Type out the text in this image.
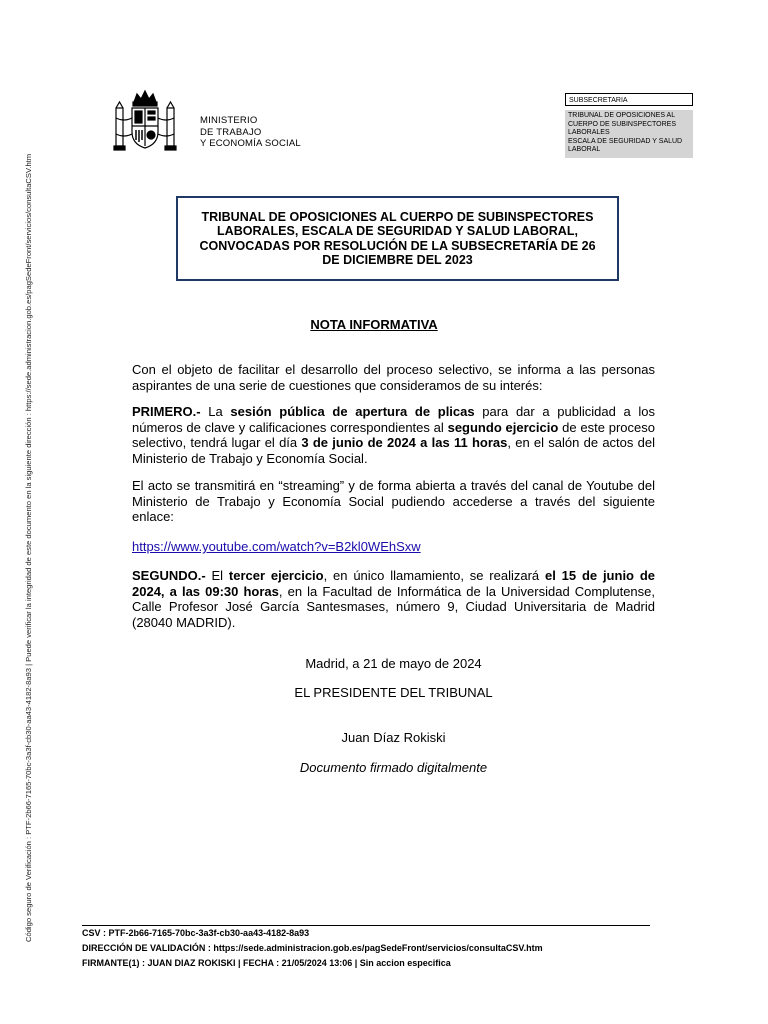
Código seguro de Verificación : PTF-2b66-7165-70bc-3a3f-cb30-aa43-4182-8a93 | Puede verificar la integridad de este documento en la siguiente dirección : https://sede.administracion.gob.es/pagSedeFront/servicios/consultaCSV.htm
MINISTERIO
DE TRABAJO
Y ECONOMÍA SOCIAL
SUBSECRETARIA
TRIBUNAL DE OPOSICIONES AL
CUERPO DE SUBINSPECTORES
LABORALES
ESCALA DE SEGURIDAD Y SALUD
LABORAL
TRIBUNAL DE OPOSICIONES AL CUERPO DE SUBINSPECTORES LABORALES, ESCALA DE SEGURIDAD Y SALUD LABORAL, CONVOCADAS POR RESOLUCIÓN DE LA SUBSECRETARÍA DE 26 DE DICIEMBRE DEL 2023
NOTA INFORMATIVA
Con el objeto de facilitar el desarrollo del proceso selectivo, se informa a las personas aspirantes de una serie de cuestiones que consideramos de su interés:
PRIMERO.- La sesión pública de apertura de plicas para dar a publicidad a los números de clave y calificaciones correspondientes al segundo ejercicio de este proceso selectivo, tendrá lugar el día 3 de junio de 2024 a las 11 horas, en el salón de actos del Ministerio de Trabajo y Economía Social.
El acto se transmitirá en “streaming” y de forma abierta a través del canal de Youtube del Ministerio de Trabajo y Economía Social pudiendo accederse a través del siguiente enlace:
https://www.youtube.com/watch?v=B2kl0WEhSxw
SEGUNDO.- El tercer ejercicio, en único llamamiento, se realizará el 15 de junio de 2024, a las 09:30 horas, en la Facultad de Informática de la Universidad Complutense, Calle Profesor José García Santesmases, número 9, Ciudad Universitaria de Madrid (28040 MADRID).
Madrid, a 21 de mayo de 2024
EL PRESIDENTE DEL TRIBUNAL
Juan Díaz Rokiski
Documento firmado digitalmente
CSV : PTF-2b66-7165-70bc-3a3f-cb30-aa43-4182-8a93
DIRECCIÓN DE VALIDACIÓN : https://sede.administracion.gob.es/pagSedeFront/servicios/consultaCSV.htm
FIRMANTE(1) : JUAN DIAZ ROKISKI | FECHA : 21/05/2024 13:06 | Sin accion especifica
